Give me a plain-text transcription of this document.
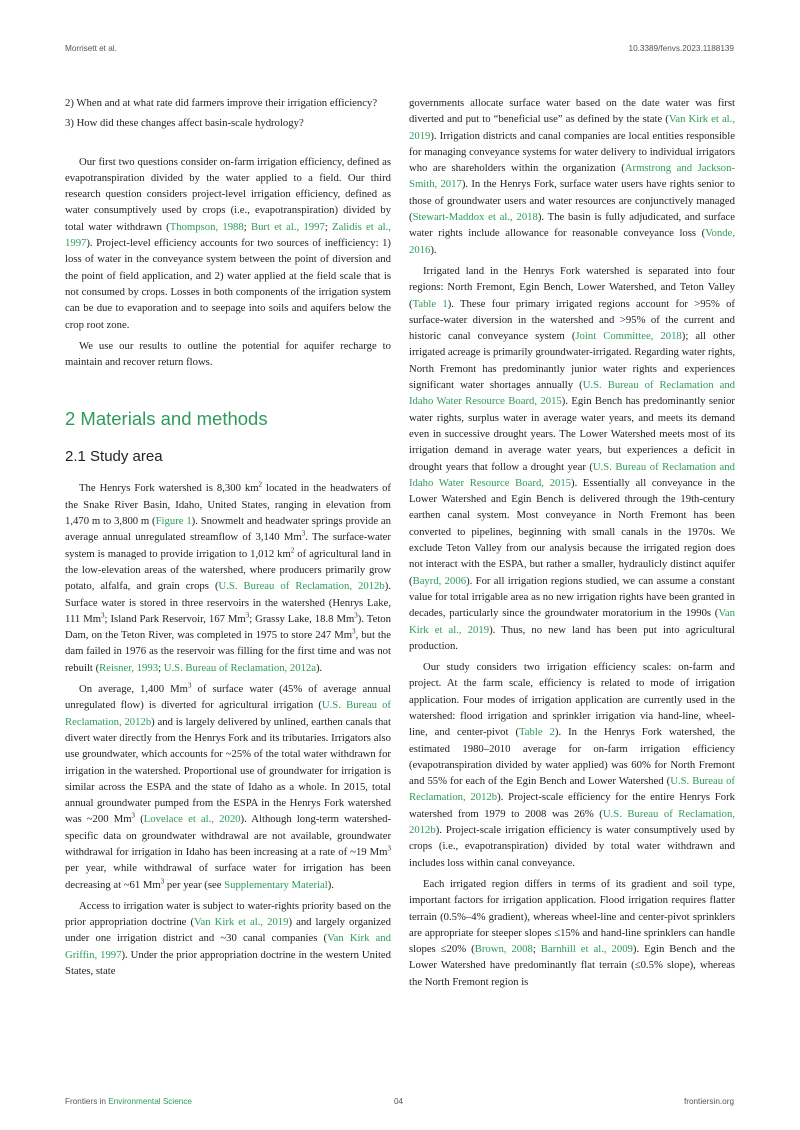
Morrisett et al.	10.3389/fenvs.2023.1188139

2) When and at what rate did farmers improve their irrigation efficiency?

3) How did these changes affect basin-scale hydrology?

Our first two questions consider on-farm irrigation efficiency, defined as evapotranspiration divided by the water applied to a field. Our third research question considers project-level irrigation efficiency, defined as water consumptively used by crops (i.e., evapotranspiration) divided by total water withdrawn (Thompson, 1988; Burt et al., 1997; Zalidis et al., 1997). Project-level efficiency accounts for two sources of inefficiency: 1) loss of water in the conveyance system between the point of diversion and the point of field application, and 2) water applied at the field scale that is not consumed by crops. Losses in both components of the irrigation system can be due to evaporation and to seepage into soils and aquifers below the crop root zone.

We use our results to outline the potential for aquifer recharge to maintain and recover return flows.

2 Materials and methods
2.1 Study area

The Henrys Fork watershed is 8,300 $km^2$ located in the headwaters of the Snake River Basin, Idaho, United States, ranging in elevation from 1,470 m to 3,800 m (Figure 1). Snowmelt and headwater springs provide an average annual unregulated streamflow of 3,140 Mm$^3$. The surface-water system is managed to provide irrigation to 1,012 $km^2$ of agricultural land in the low-elevation areas of the watershed, where producers primarily grow potato, alfalfa, and grain crops (U.S. Bureau of Reclamation, 2012b). Surface water is stored in three reservoirs in the watershed (Henrys Lake, 111 Mm$^3$; Island Park Reservoir, 167 Mm$^3$; Grassy Lake, 18.8 Mm$^3$). Teton Dam, on the Teton River, was completed in 1975 to store 247 Mm$^3$, but the dam failed in 1976 as the reservoir was filling for the first time and was not rebuilt (Reisner, 1993; U.S. Bureau of Reclamation, 2012a).

On average, 1,400 Mm$^3$ of surface water (45% of average annual unregulated flow) is diverted for agricultural irrigation (U.S. Bureau of Reclamation, 2012b) and is largely delivered by unlined, earthen canals that divert water directly from the Henrys Fork and its tributaries. Irrigators also use groundwater, which accounts for ~25% of the total water withdrawn for irrigation in the watershed. Proportional use of groundwater for irrigation is similar across the ESPA and the state of Idaho as a whole. In 2015, total annual groundwater pumped from the ESPA in the Henrys Fork watershed was ~200 Mm$^3$ (Lovelace et al., 2020). Although long-term watershed-specific data on groundwater withdrawal are not available, groundwater withdrawal for irrigation in Idaho has been increasing at a rate of ~19 Mm$^3$ per year, while withdrawal of surface water for irrigation has been decreasing at ~61 Mm$^3$ per year (see Supplementary Material).

Access to irrigation water is subject to water-rights priority based on the prior appropriation doctrine (Van Kirk et al., 2019) and largely organized under one irrigation district and ~30 canal companies (Van Kirk and Griffin, 1997). Under the prior appropriation doctrine in the western United States, state

governments allocate surface water based on the date water was first diverted and put to “beneficial use” as defined by the state (Van Kirk et al., 2019). Irrigation districts and canal companies are local entities responsible for managing conveyance systems for water delivery to individual irrigators who are shareholders within the organization (Armstrong and Jackson-Smith, 2017). In the Henrys Fork, surface water users have rights senior to those of groundwater users and water resources are conjunctively managed (Stewart-Maddox et al., 2018). The basin is fully adjudicated, and surface water rights include allowance for reasonable conveyance loss (Vonde, 2016).

Irrigated land in the Henrys Fork watershed is separated into four regions: North Fremont, Egin Bench, Lower Watershed, and Teton Valley (Table 1). These four primary irrigated regions account for >95% of surface-water diversion in the watershed and >95% of the current and historic canal conveyance system (Joint Committee, 2018); all other irrigated acreage is primarily groundwater-irrigated. Regarding water rights, North Fremont has predominantly junior water rights and experiences significant water shortages annually (U.S. Bureau of Reclamation and Idaho Water Resource Board, 2015). Egin Bench has predominantly senior water rights, surplus water in average water years, and meets its demand even in successive drought years. The Lower Watershed meets most of its irrigation demand in average water years, but experiences a deficit in drought years that follow a drought year (U.S. Bureau of Reclamation and Idaho Water Resource Board, 2015). Essentially all conveyance in the Lower Watershed and Egin Bench is delivered through the 19th-century earthen canal system. Most conveyance in North Fremont has been converted to pipelines, beginning with small canals in the 1970s. We exclude Teton Valley from our analysis because the irrigated region does not interact with the ESPA, but rather a smaller, hydraulicly distinct aquifer (Bayrd, 2006). For all irrigation regions studied, we can assume a constant value for total irrigable area as no new irrigation rights have been granted in decades, particularly since the groundwater moratorium in the 1990s (Van Kirk et al., 2019). Thus, no new land has been put into agricultural production.

Our study considers two irrigation efficiency scales: on-farm and project. At the farm scale, efficiency is related to mode of irrigation application. Four modes of irrigation application are currently used in the watershed: flood irrigation and sprinkler irrigation via hand-line, wheel-line, and center-pivot (Table 2). In the Henrys Fork watershed, the estimated 1980–2010 average for on-farm irrigation efficiency (evapotranspiration divided by water applied) was 60% for North Fremont and 55% for each of the Egin Bench and Lower Watershed (U.S. Bureau of Reclamation, 2012b). Project-scale efficiency for the entire Henrys Fork watershed from 1979 to 2008 was 26% (U.S. Bureau of Reclamation, 2012b). Project-scale irrigation efficiency is water consumptively used by crops (i.e., evapotranspiration) divided by total water withdrawn and includes loss within canal conveyance.

Each irrigated region differs in terms of its gradient and soil type, important factors for irrigation application. Flood irrigation requires flatter terrain (0.5%–4% gradient), whereas wheel-line and center-pivot sprinklers are appropriate for steeper slopes ≤15% and hand-line sprinklers can handle slopes ≤20% (Brown, 2008; Barnhill et al., 2009). Egin Bench and the Lower Watershed have predominantly flat terrain (≤0.5% slope), whereas the North Fremont region is

Frontiers in Environmental Science	04	frontiersin.org
